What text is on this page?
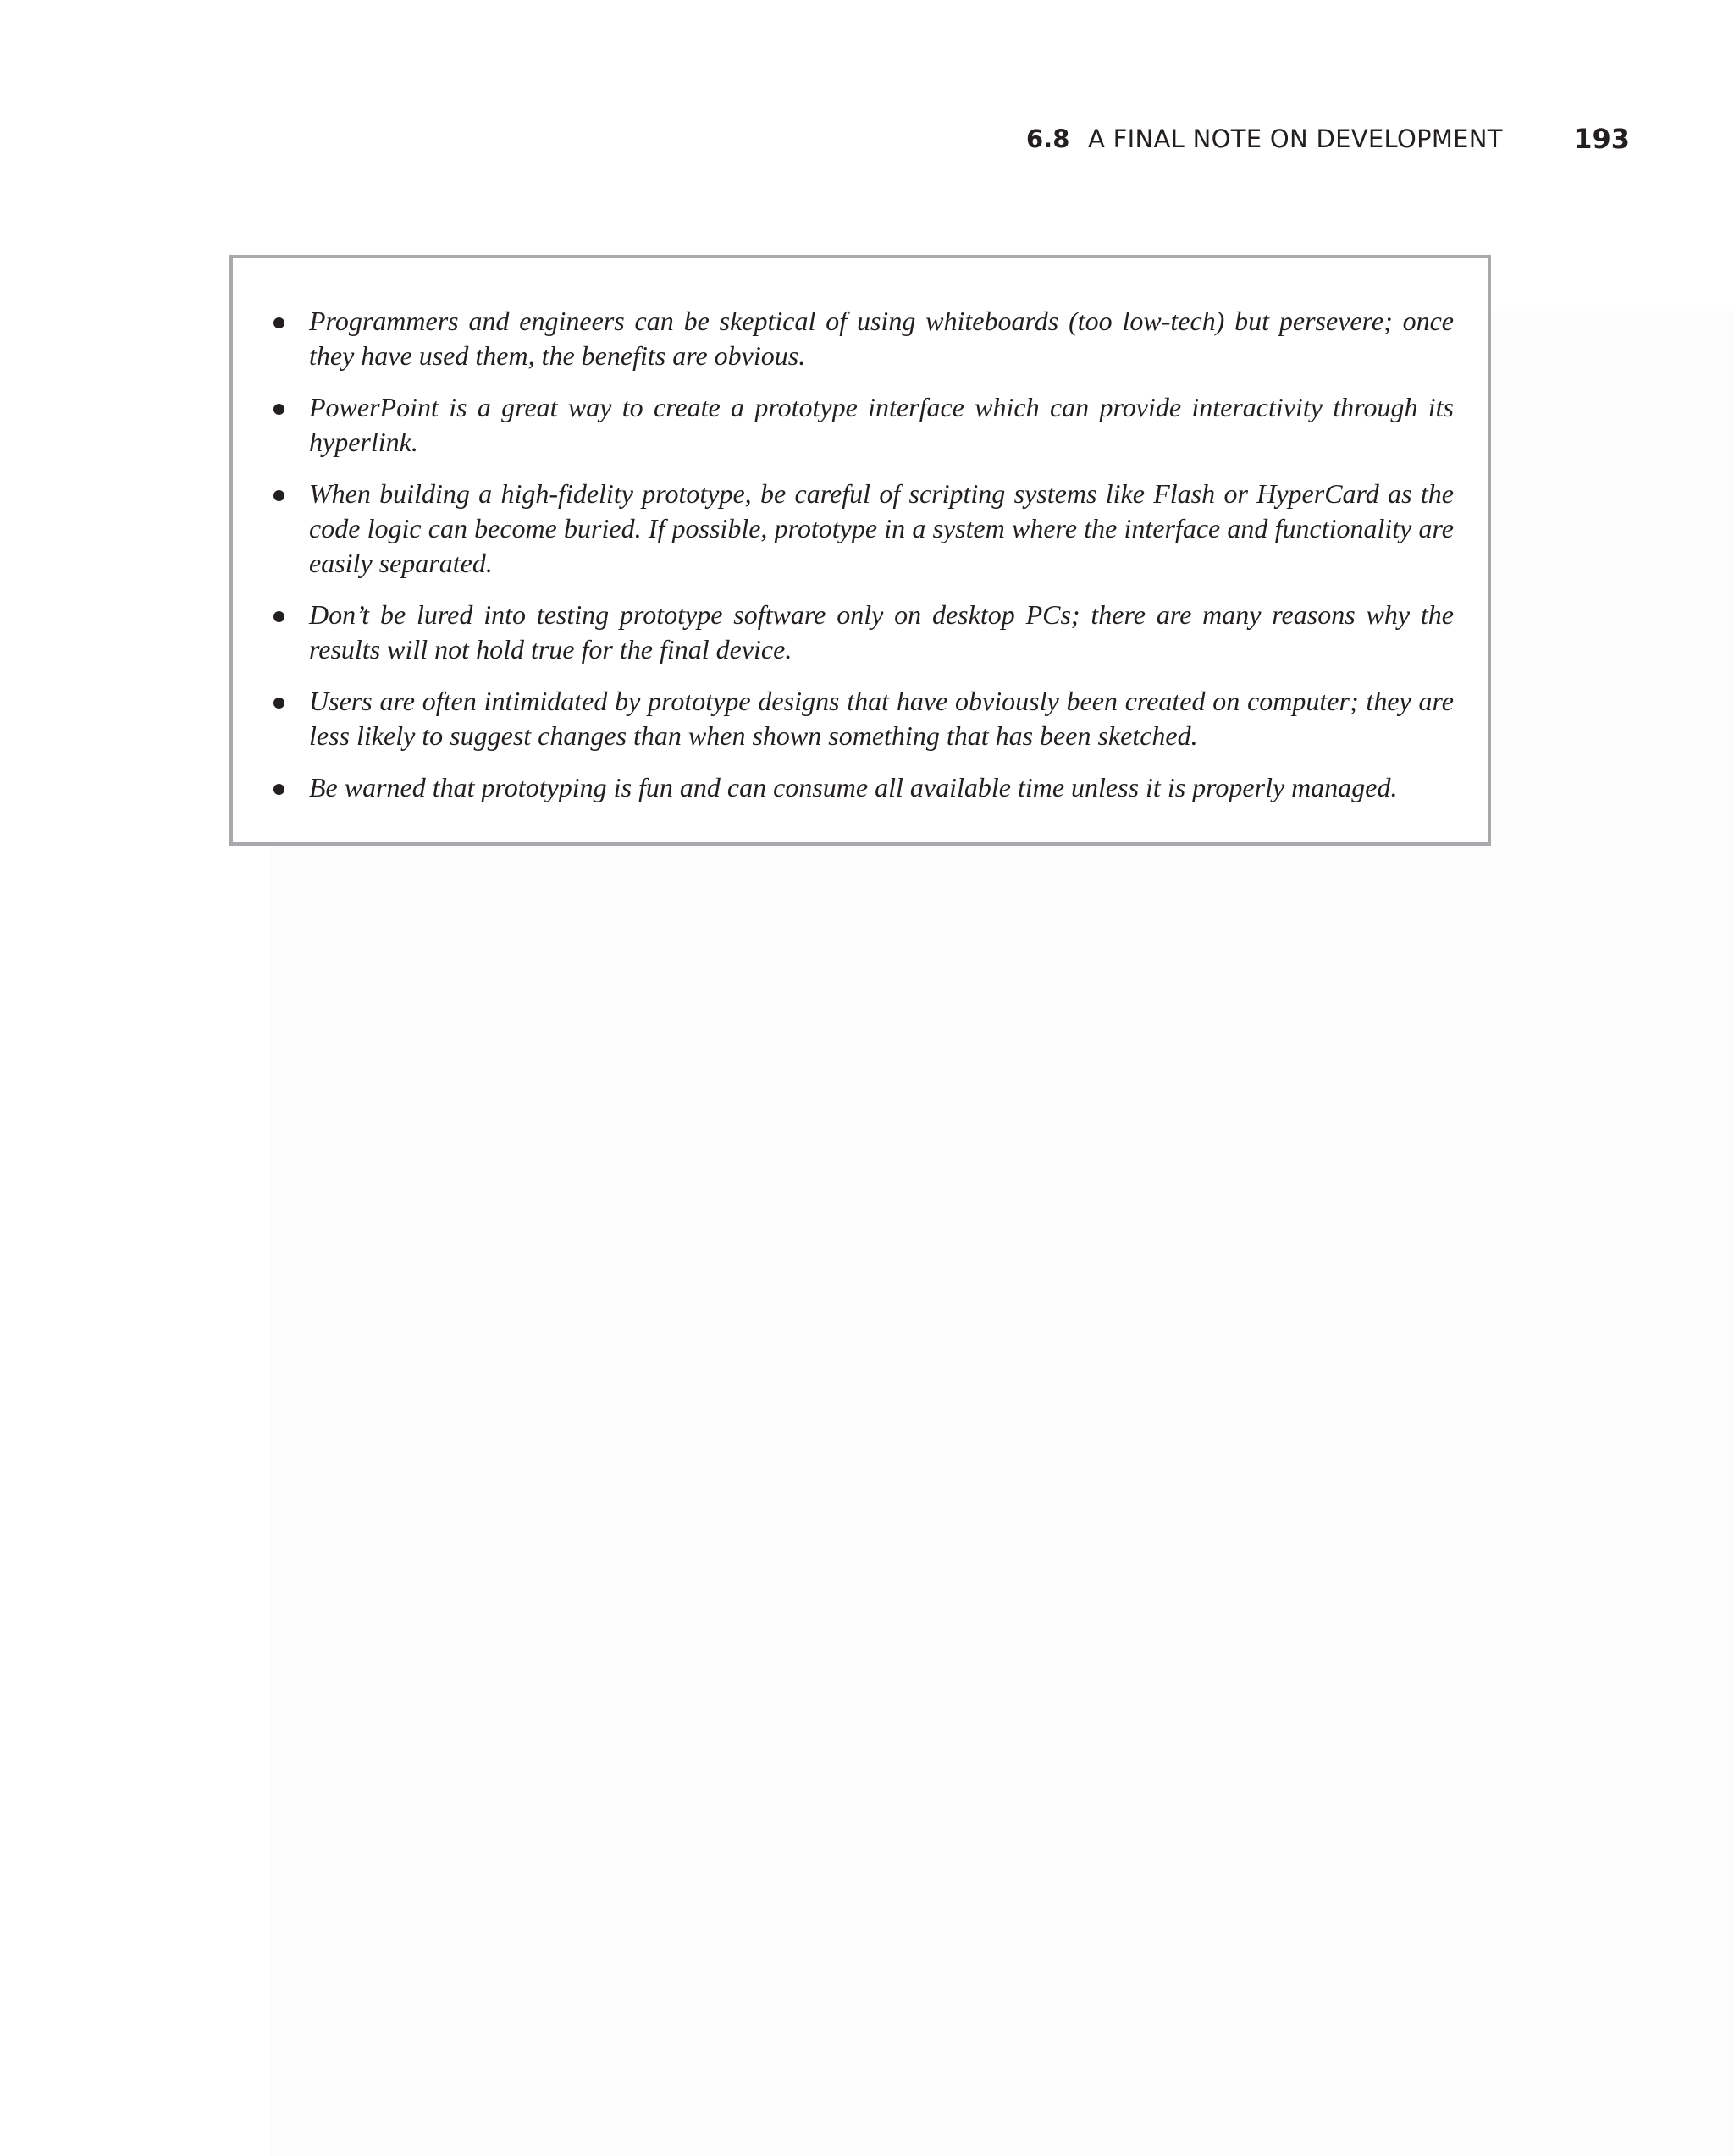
6.8 A FINAL NOTE ON DEVELOPMENT	193
Programmers and engineers can be skeptical of using whiteboards (too low-tech) but persevere; once they have used them, the benefits are obvious.
PowerPoint is a great way to create a prototype interface which can provide interactivity through its hyperlink.
When building a high-fidelity prototype, be careful of scripting systems like Flash or HyperCard as the code logic can become buried. If possible, prototype in a system where the interface and functionality are easily separated.
Don’t be lured into testing prototype software only on desktop PCs; there are many reasons why the results will not hold true for the final device.
Users are often intimidated by prototype designs that have obviously been created on computer; they are less likely to suggest changes than when shown something that has been sketched.
Be warned that prototyping is fun and can consume all available time unless it is properly managed.
